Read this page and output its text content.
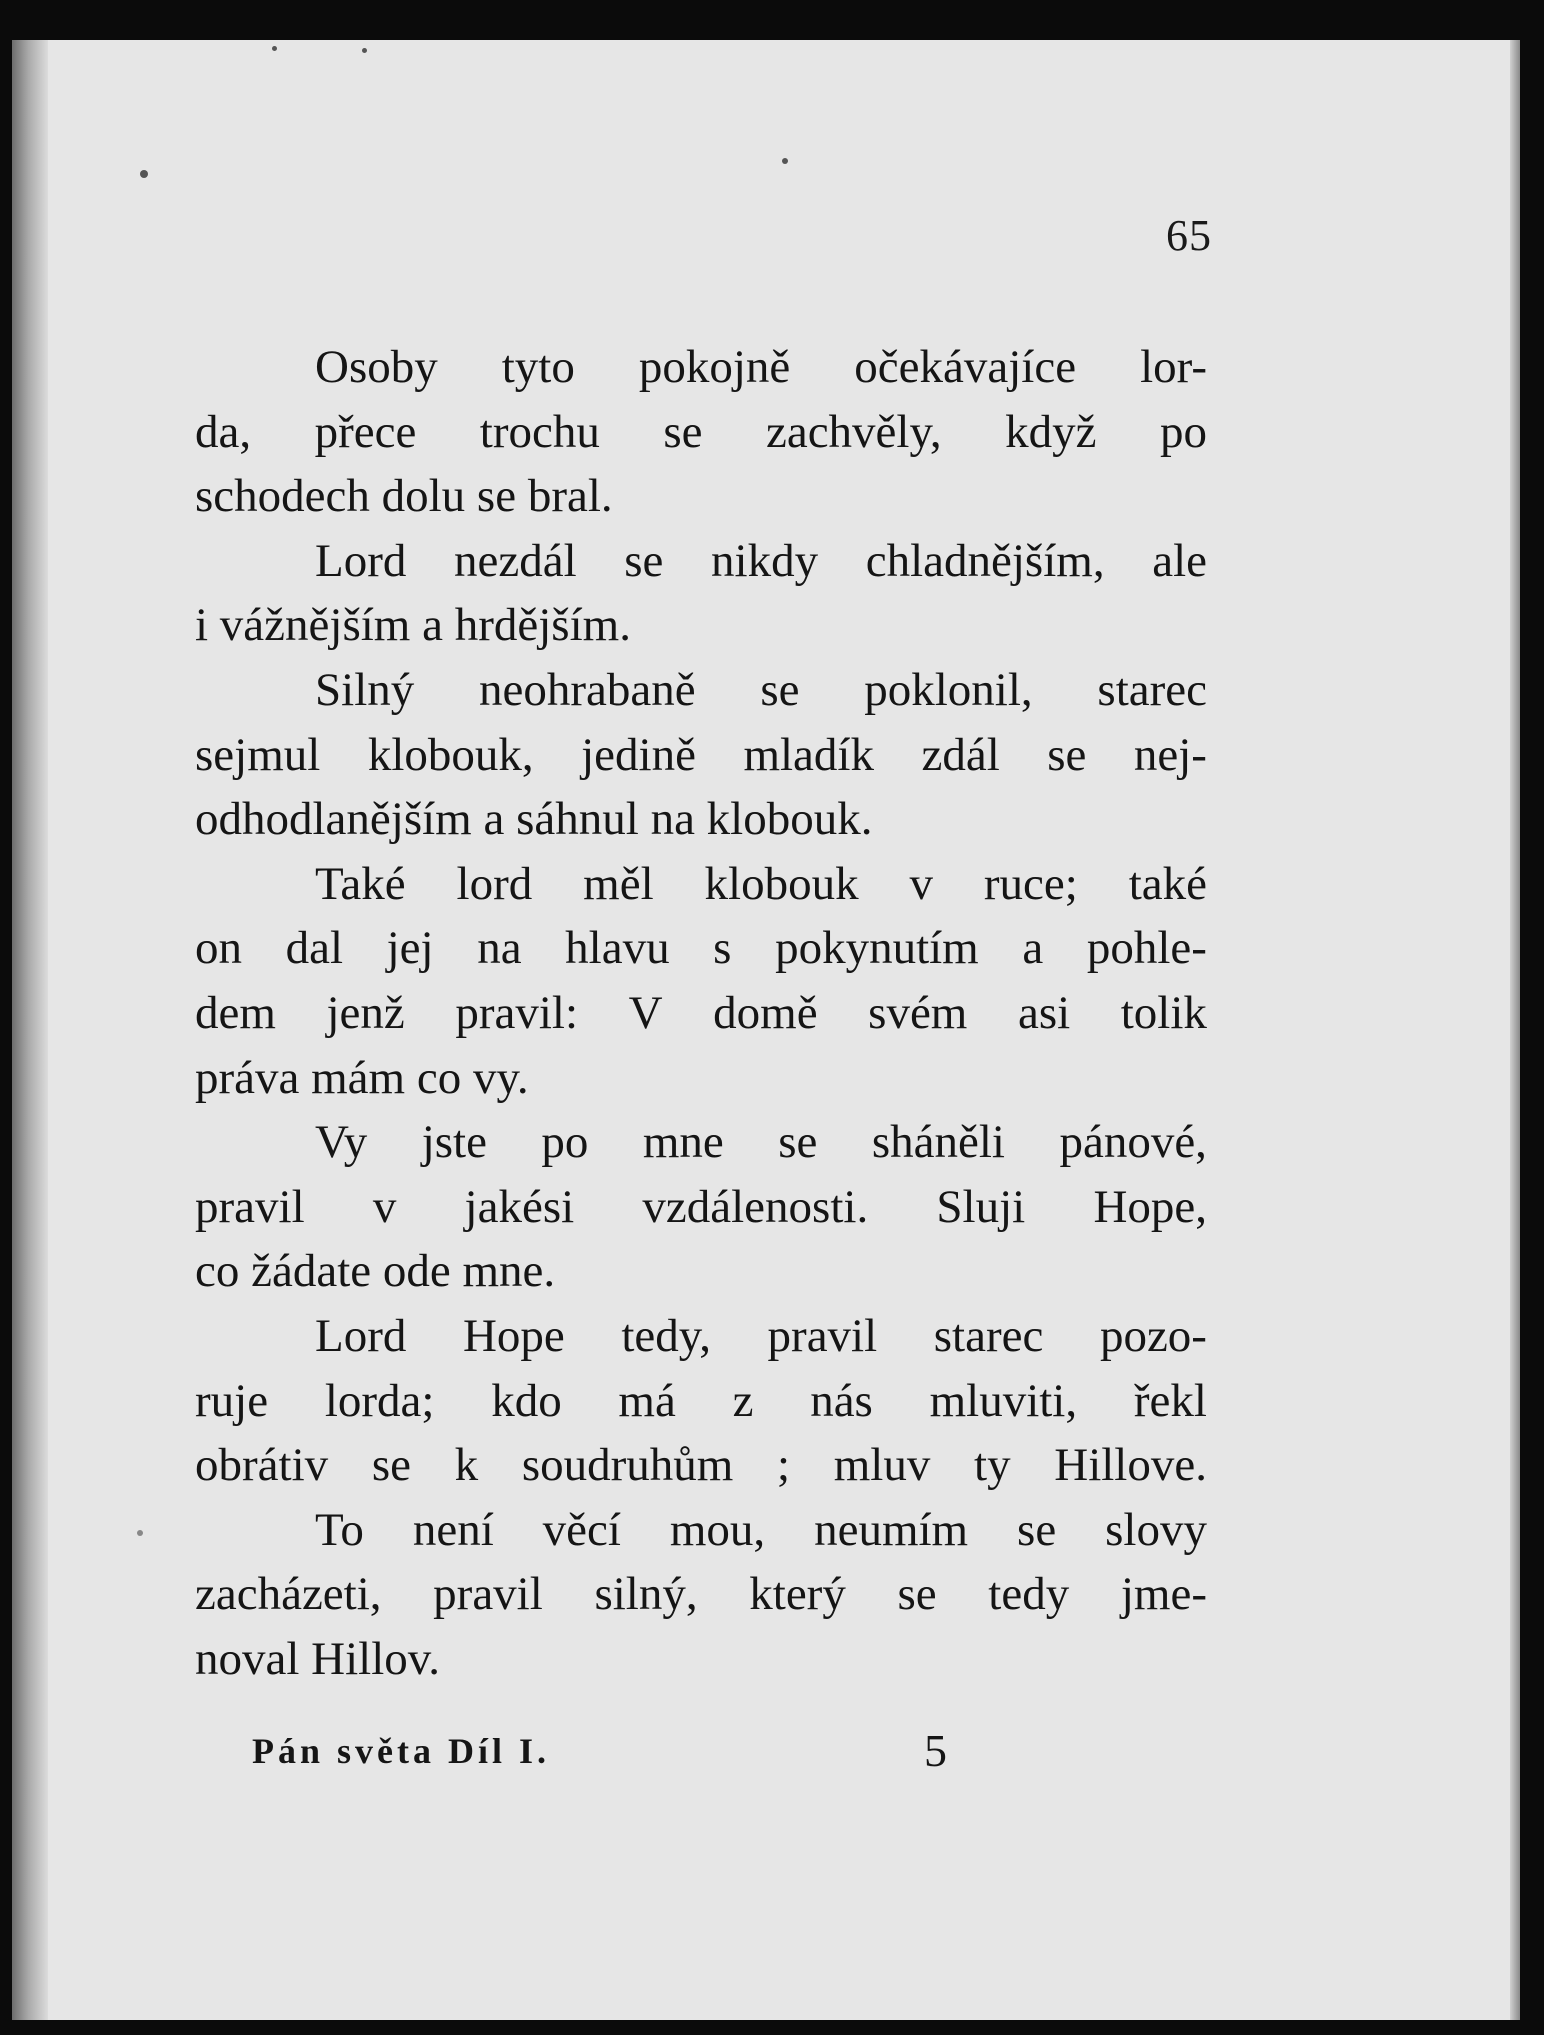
65
Osoby tyto pokojně očekávajíce lor-
da, přece trochu se zachvěly, když po
schodech dolu se bral.
Lord nezdál se nikdy chladnějším, ale
i vážnějším a hrdějším.
Silný neohrabaně se poklonil, starec
sejmul klobouk, jedině mladík zdál se nej-
odhodlanějším a sáhnul na klobouk.
Také lord měl klobouk v ruce; také
on dal jej na hlavu s pokynutím a pohle-
dem jenž pravil: V domě svém asi tolik
práva mám co vy.
Vy jste po mne se sháněli pánové,
pravil v jakési vzdálenosti. Sluji Hope,
co žádate ode mne.
Lord Hope tedy, pravil starec pozo-
ruje lorda; kdo má z nás mluviti, řekl
obrátiv se k soudruhům ; mluv ty Hillove.
To není věcí mou, neumím se slovy
zacházeti, pravil silný, který se tedy jme-
noval Hillov.
Pán světa Díl I.	5
